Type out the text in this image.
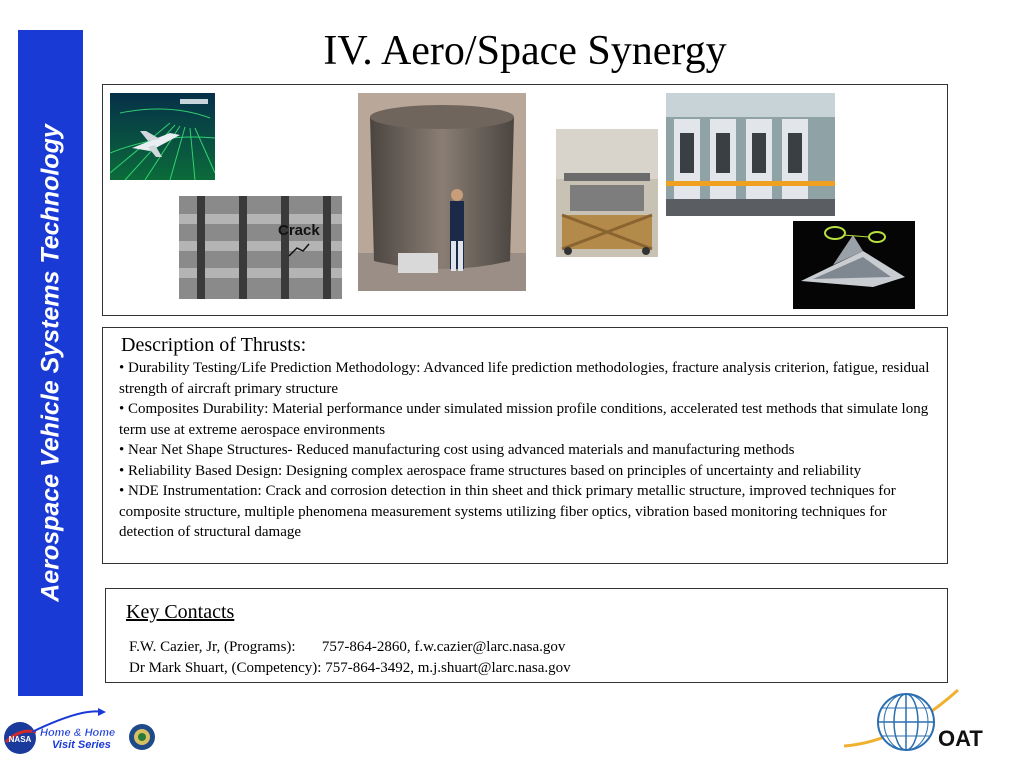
Aerospace Vehicle Systems Technology
IV. Aero/Space Synergy
Crack
Description of Thrusts:
• Durability Testing/Life Prediction Methodology: Advanced life prediction methodologies, fracture analysis criterion, fatigue, residual strength of aircraft primary structure
• Composites Durability: Material performance under simulated mission profile conditions, accelerated test methods that simulate long term use at extreme aerospace environments
• Near Net Shape Structures- Reduced manufacturing cost using advanced materials and manufacturing methods
• Reliability Based Design: Designing complex aerospace frame structures based on principles of uncertainty and reliability
• NDE Instrumentation: Crack and corrosion detection in thin sheet and thick primary metallic structure, improved techniques for composite structure, multiple phenomena measurement systems utilizing fiber optics, vibration based monitoring techniques for detection of structural damage
Key Contacts
F.W. Cazier, Jr, (Programs):       757-864-2860, f.w.cazier@larc.nasa.gov
Dr Mark Shuart, (Competency): 757-864-3492, m.j.shuart@larc.nasa.gov
NASA
Home & Home
Visit Series	OAT
